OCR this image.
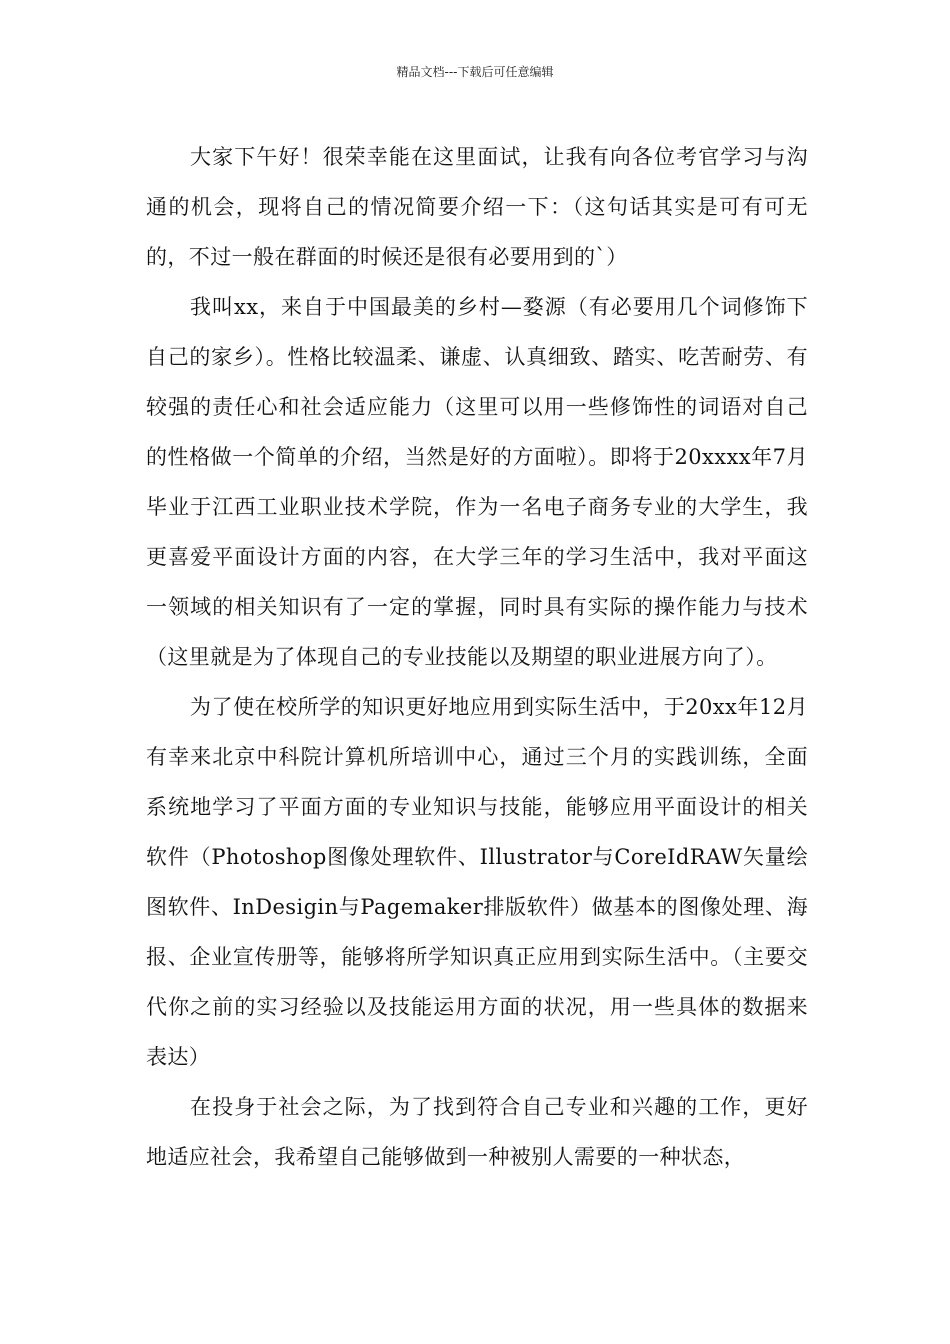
精品文档---下载后可任意编辑

大家下午好！很荣幸能在这里面试，让我有向各位考官学习与沟通的机会，现将自己的情况简要介绍一下：（这句话其实是可有可无的，不过一般在群面的时候还是很有必要用到的`）

我叫xx，来自于中国最美的乡村—婺源（有必要用几个词修饰下自己的家乡）。性格比较温柔、谦虚、认真细致、踏实、吃苦耐劳、有较强的责任心和社会适应能力（这里可以用一些修饰性的词语对自己的性格做一个简单的介绍，当然是好的方面啦）。即将于20xxxx年7月毕业于江西工业职业技术学院，作为一名电子商务专业的大学生，我更喜爱平面设计方面的内容，在大学三年的学习生活中，我对平面这一领域的相关知识有了一定的掌握，同时具有实际的操作能力与技术（这里就是为了体现自己的专业技能以及期望的职业进展方向了）。

为了使在校所学的知识更好地应用到实际生活中，于20xx年12月有幸来北京中科院计算机所培训中心，通过三个月的实践训练，全面系统地学习了平面方面的专业知识与技能，能够应用平面设计的相关软件（Photoshop图像处理软件、Illustrator与CoreIdRAW矢量绘图软件、InDesigin与Pagemaker排版软件）做基本的图像处理、海报、企业宣传册等，能够将所学知识真正应用到实际生活中。（主要交代你之前的实习经验以及技能运用方面的状况，用一些具体的数据来表达）

在投身于社会之际，为了找到符合自己专业和兴趣的工作，更好地适应社会，我希望自己能够做到一种被别人需要的一种状态，
